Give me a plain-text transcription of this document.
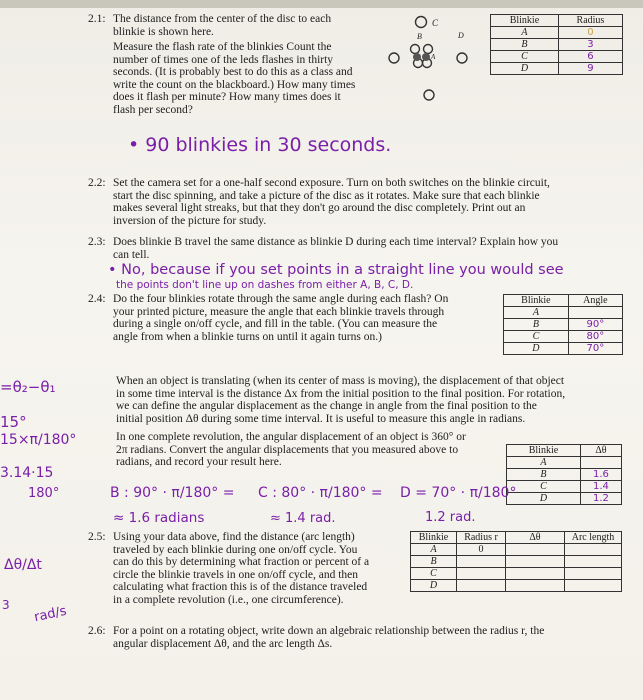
2.1: The distance from the center of the disc to each

blinkie is shown here.

Measure the flash rate of the blinkies Count the

number of times one of the leds flashes in thirty

seconds. (It is probably best to do this as a class and

write the count on the blackboard.) How many times

does it flash per minute? How many times does it

flash per second?

C
B	D
A
Blinkie	Radius
A	0
B	3
C	6
D	9
• 90 blinkies in 30 seconds.
2.2: Set the camera set for a one-half second exposure. Turn on both switches on the blinkie circuit,

start the disc spinning, and take a picture of the disc as it rotates. Make sure that each blinkie

makes several light streaks, but that they don't go around the disc completely. Print out an

inversion of the picture for study.

2.3: Does blinkie B travel the same distance as blinkie D during each time interval? Explain how you

can tell.

• No, because if you set points in a straight line you would see
the points don't line up on dashes from either A, B, C, D.
2.4: Do the four blinkies rotate through the same angle during each flash? On

your printed picture, measure the angle that each blinkie travels through

during a single on/off cycle, and fill in the table. (You can measure the

angle from when a blinkie turns on until it again turns on.)

Blinkie	Angle
A	
B	90°
C	80°
D	70°

When an object is translating (when its center of mass is moving), the displacement of that object

in some time interval is the distance Δx from the initial position to the final position. For rotation,

we can define the angular displacement as the change in angle from the final position to the

initial position Δθ during some time interval. It is useful to measure this angle in radians.

In one complete revolution, the angular displacement of an object is 360° or

2π radians. Convert the angular displacements that you measured above to

radians, and record your result here.

Blinkie	Δθ
A	
B	1.6
C	1.4
D	1.2
B : 90° · π/180° = C : 80° · π/180° = D = 70° · π/180°
≈ 1.6 radians	≈ 1.4 rad.	1.2 rad.
2.5: Using your data above, find the distance (arc length)

traveled by each blinkie during one on/off cycle. You

can do this by determining what fraction or percent of a

circle the blinkie travels in one on/off cycle, and then

calculating what fraction this is of the distance traveled

in a complete revolution (i.e., one circumference).

Blinkie	Radius r	Δθ	Arc length
A	0		
B			
C			
D			
2.6: For a point on a rotating object, write down an algebraic relationship between the radius r, the

angular displacement Δθ, and the arc length Δs.

=θ₂−θ₁
15°
15×π/180°
3.14·15
180°
Δθ/Δt
3 rad/s
